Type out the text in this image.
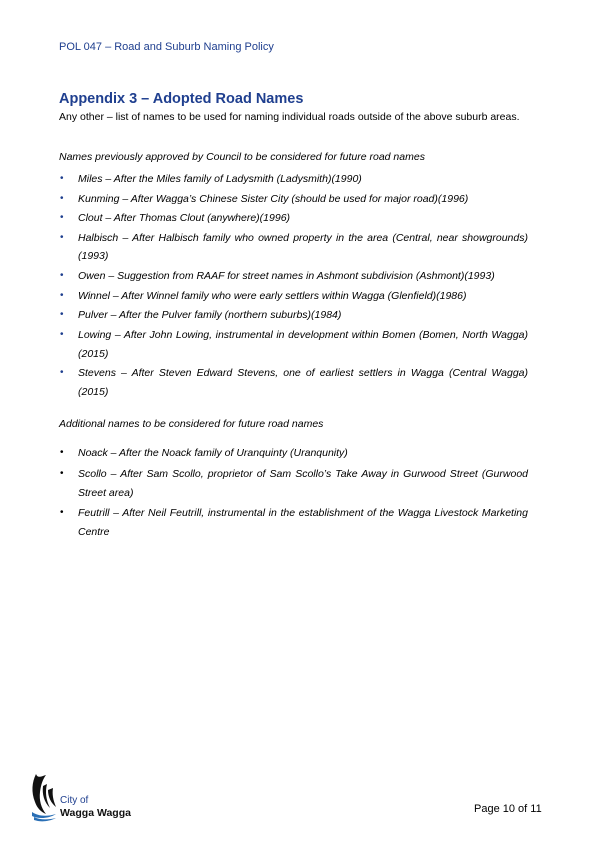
POL 047 – Road and Suburb Naming Policy
Appendix 3 – Adopted Road Names
Any other – list of names to be used for naming individual roads outside of the above suburb areas.
Names previously approved by Council to be considered for future road names
• Miles – After the Miles family of Ladysmith (Ladysmith)(1990)
• Kunming – After Wagga’s Chinese Sister City (should be used for major road)(1996)
• Clout – After Thomas Clout (anywhere)(1996)
• Halbisch – After Halbisch family who owned property in the area (Central, near showgrounds)(1993)
• Owen – Suggestion from RAAF for street names in Ashmont subdivision (Ashmont)(1993)
• Winnel – After Winnel family who were early settlers within Wagga (Glenfield)(1986)
• Pulver – After the Pulver family (northern suburbs)(1984)
• Lowing – After John Lowing, instrumental in development within Bomen (Bomen, North Wagga)(2015)
• Stevens – After Steven Edward Stevens, one of earliest settlers in Wagga (Central Wagga)(2015)
Additional names to be considered for future road names
• Noack – After the Noack family of Uranquinty (Uranqunity)
• Scollo – After Sam Scollo, proprietor of Sam Scollo’s Take Away in Gurwood Street (Gurwood Street area)
• Feutrill – After Neil Feutrill, instrumental in the establishment of the Wagga Livestock Marketing Centre
City of
Wagga Wagga	Page 10 of 11
